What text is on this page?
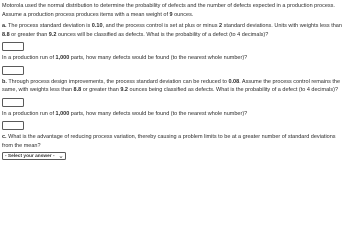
Motorola used the normal distribution to determine the probability of defects and the number of defects expected in a production process.

Assume a production process produces items with a mean weight of 9 ounces.

a. The process standard deviation is 0.10, and the process control is set at plus or minus 2 standard deviations. Units with weights less than 8.8 or greater than 9.2 ounces will be classified as defects. What is the probability of a defect (to 4 decimals)?

In a production run of 1,000 parts, how many defects would be found (to the nearest whole number)?

b. Through process design improvements, the process standard deviation can be reduced to 0.08. Assume the process control remains the same, with weights less than 8.8 or greater than 9.2 ounces being classified as defects. What is the probability of a defect (to 4 decimals)?

In a production run of 1,000 parts, how many defects would be found (to the nearest whole number)?

c. What is the advantage of reducing process variation, thereby causing a problem limits to be at a greater number of standard deviations from the mean?

- Select your answer -
